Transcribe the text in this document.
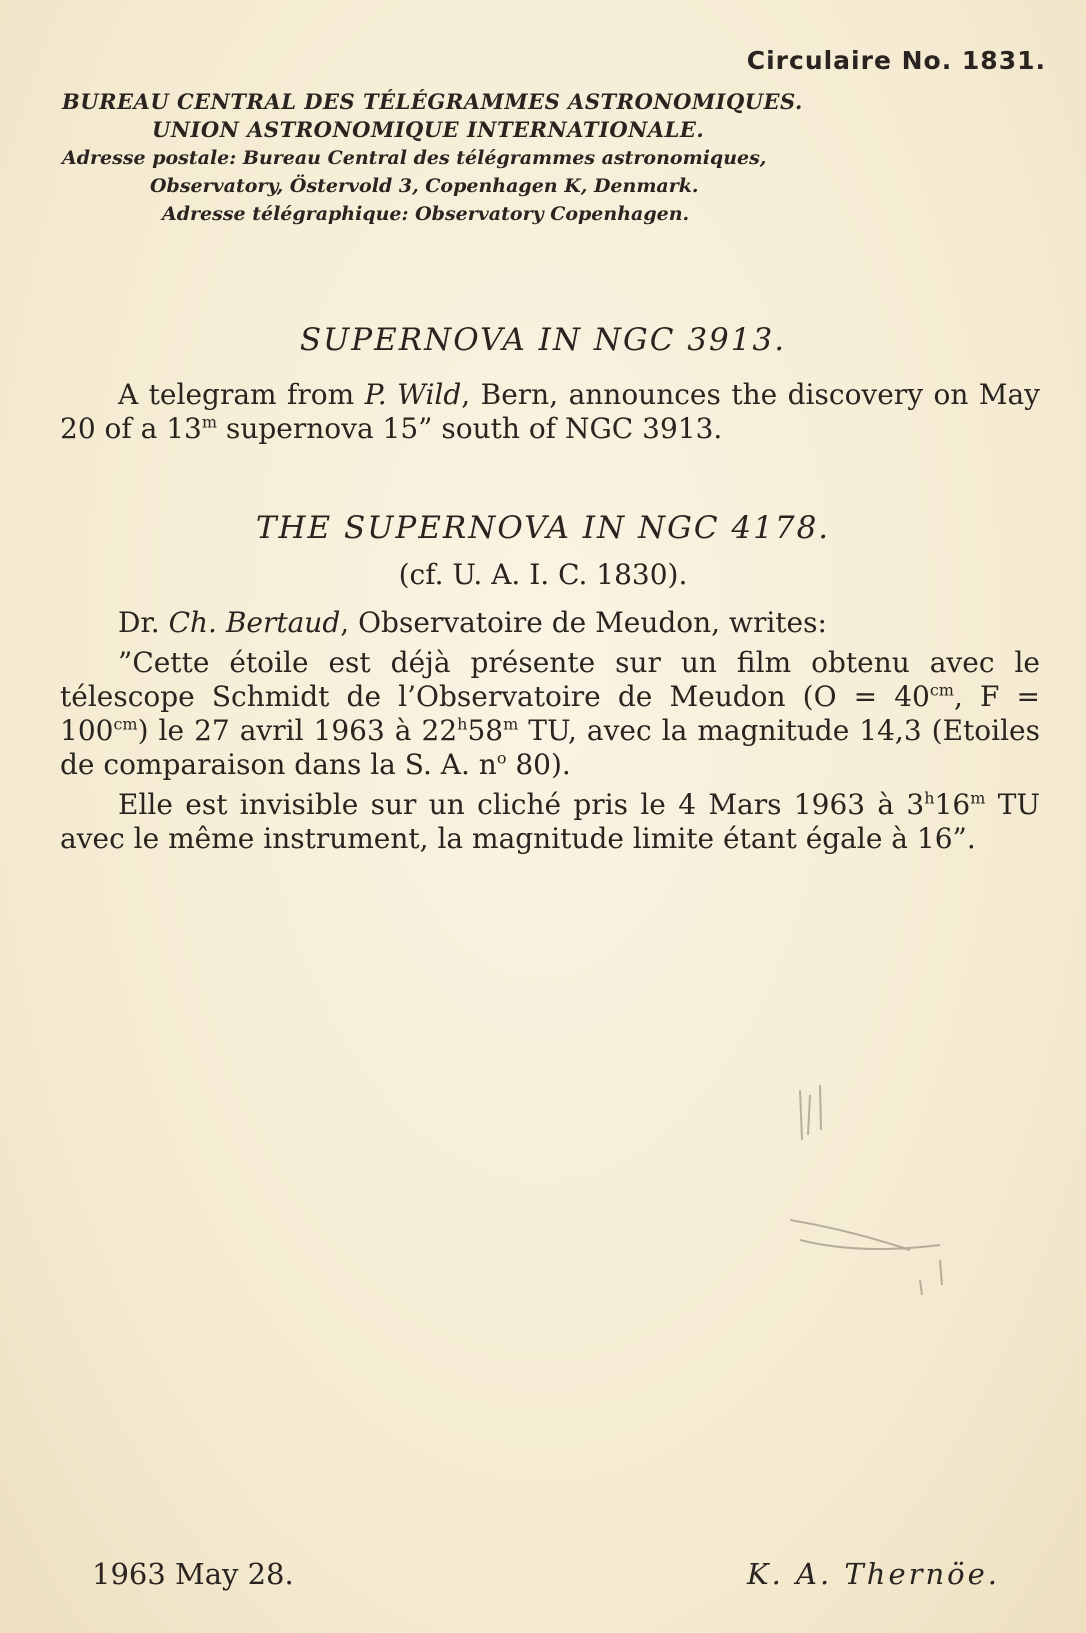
Circulaire No. 1831.
BUREAU CENTRAL DES TÉLÉGRAMMES ASTRONOMIQUES.
UNION ASTRONOMIQUE INTERNATIONALE.
Adresse postale: Bureau Central des télégrammes astronomiques,
Observatory, Östervold 3, Copenhagen K, Denmark.
Adresse télégraphique: Observatory Copenhagen.
SUPERNOVA IN NGC 3913.

A telegram from P. Wild, Bern, announces the discovery on May 20 of a 13$^m$ supernova 15” south of NGC 3913.

THE SUPERNOVA IN NGC 4178.
(cf. U. A. I. C. 1830).

Dr. Ch. Bertaud, Observatoire de Meudon, writes:

”Cette étoile est déjà présente sur un film obtenu avec le télescope Schmidt de l’Observatoire de Meudon ($O = 40^{cm}$, $F = 100^{cm}$) le 27 avril 1963 à 22$^h$58$^m$ TU, avec la magnitude 14,3 (Etoiles de comparaison dans la S. A. $n^o$ 80).

Elle est invisible sur un cliché pris le 4 Mars 1963 à 3$^h$16$^m$ TU avec le même instrument, la magnitude limite étant égale à 16”.

1963 May 28.	K. A. Thernöe.
